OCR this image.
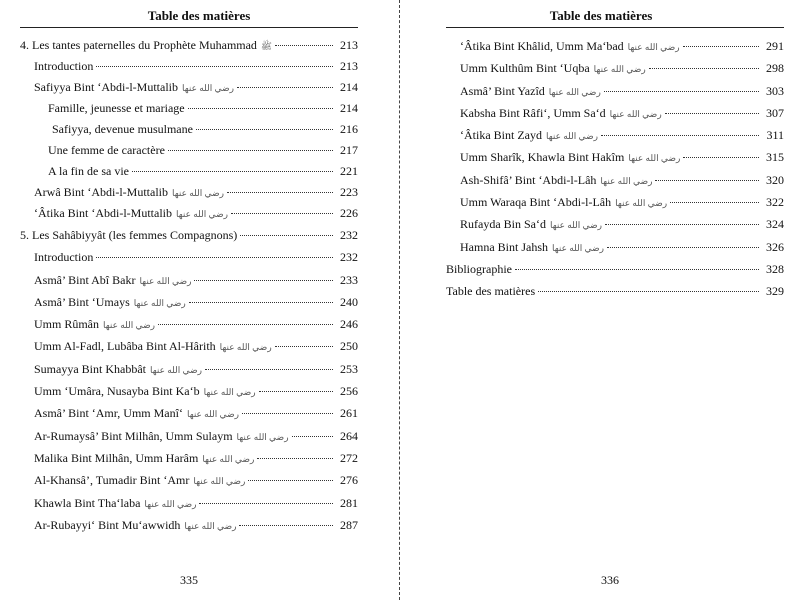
Table des matières
4. Les tantes paternelles du Prophète Muhammad ﷺ	213
Introduction	213
Safiyya Bint ‘Abdi-l-Muttalib رضي الله عنها	214
Famille, jeunesse et mariage	214
Safiyya, devenue musulmane	216
Une femme de caractère	217
A la fin de sa vie	221
Arwâ Bint ‘Abdi-l-Muttalib رضي الله عنها	223
‘Âtika Bint ‘Abdi-l-Muttalib رضي الله عنها	226
5. Les Sahâbiyyât (les femmes Compagnons)	232
Introduction	232
Asmâ’ Bint Abî Bakr رضي الله عنها	233
Asmâ’ Bint ‘Umays رضي الله عنها	240
Umm Rûmân رضي الله عنها	246
Umm Al-Fadl, Lubâba Bint Al-Hârith رضي الله عنها	250
Sumayya Bint Khabbât رضي الله عنها	253
Umm ‘Umâra, Nusayba Bint Ka‘b رضي الله عنها	256
Asmâ’ Bint ‘Amr, Umm Manî‘ رضي الله عنها	261
Ar-Rumaysâ’ Bint Milhân, Umm Sulaym رضي الله عنها	264
Malika Bint Milhân, Umm Harâm رضي الله عنها	272
Al-Khansâ’, Tumadir Bint ‘Amr رضي الله عنها	276
Khawla Bint Tha‘laba رضي الله عنها	281
Ar-Rubayyi‘ Bint Mu‘awwidh رضي الله عنها	287
335
Table des matières
‘Âtika Bint Khâlid, Umm Ma‘bad رضي الله عنها	291
Umm Kulthûm Bint ‘Uqba رضي الله عنها	298
Asmâ’ Bint Yazîd رضي الله عنها	303
Kabsha Bint Râfi‘, Umm Sa‘d رضي الله عنها	307
‘Âtika Bint Zayd رضي الله عنها	311
Umm Sharîk, Khawla Bint Hakîm رضي الله عنها	315
Ash-Shifâ’ Bint ‘Abdi-l-Lâh رضي الله عنها	320
Umm Waraqa Bint ‘Abdi-l-Lâh رضي الله عنها	322
Rufayda Bin Sa‘d رضي الله عنها	324
Hamna Bint Jahsh رضي الله عنها	326
Bibliographie	328
Table des matières	329
336
